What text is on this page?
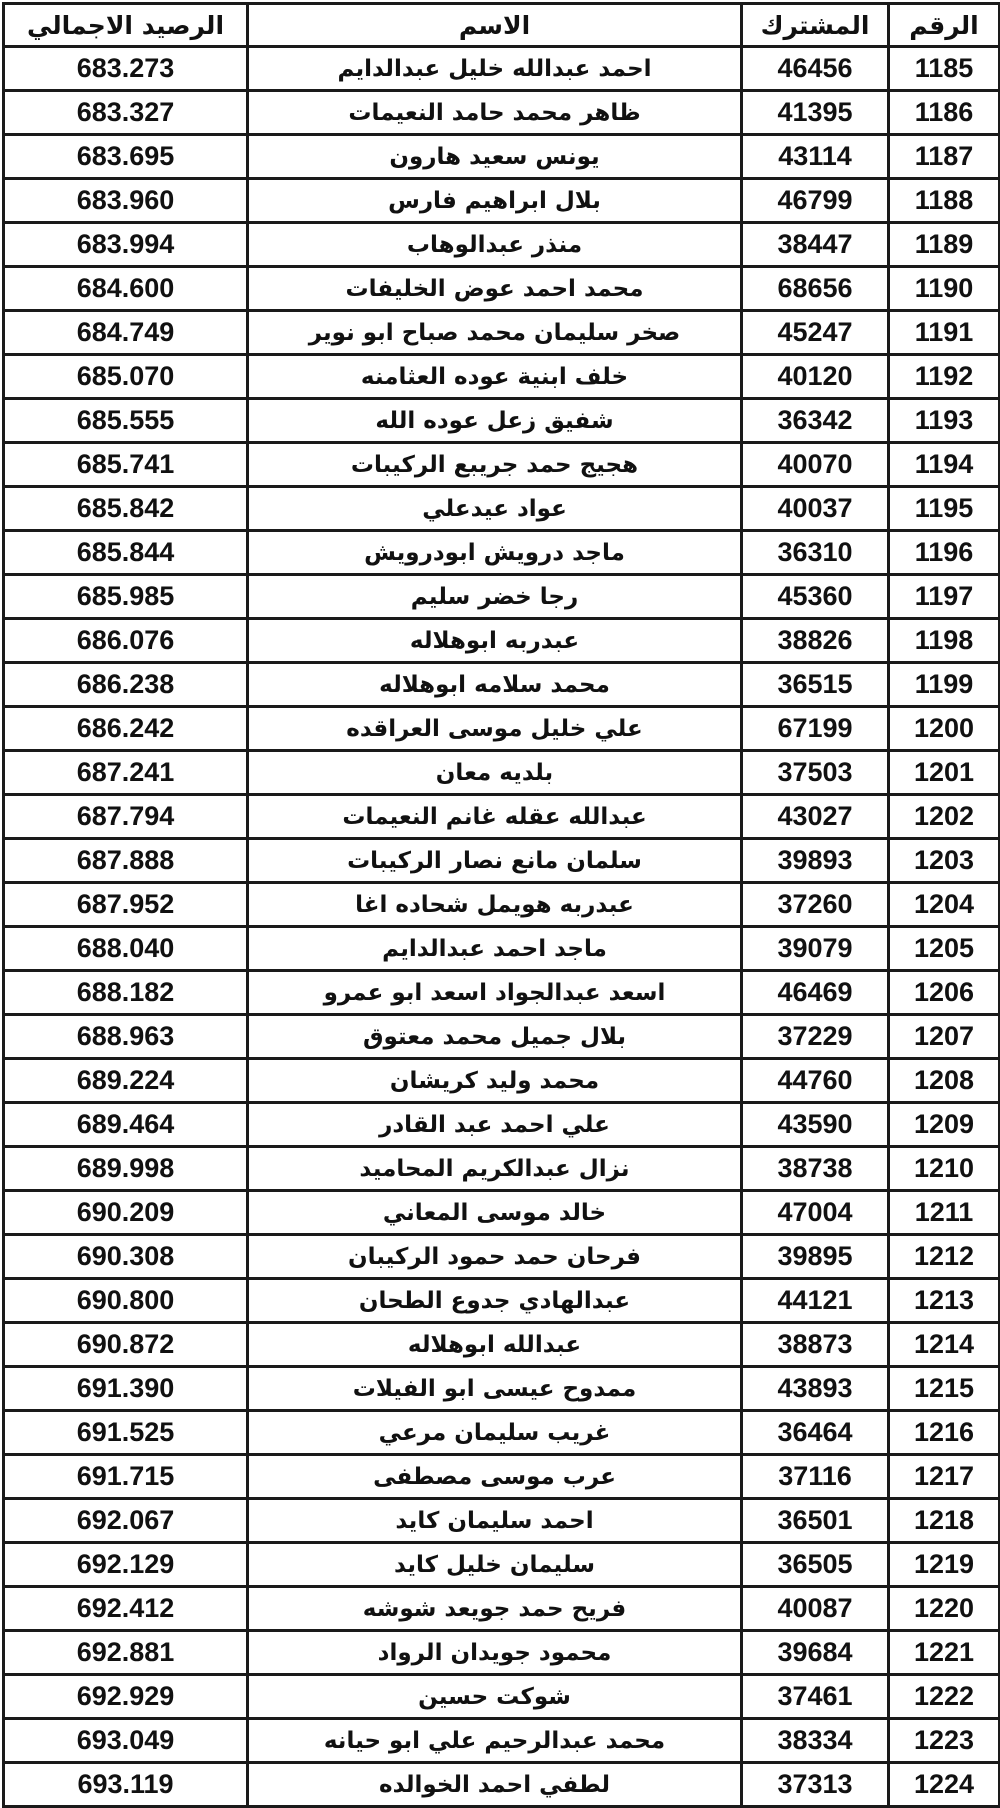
الرقم	المشترك	الاسم	الرصيد الاجمالي
1185	46456	احمد عبدالله خليل عبدالدايم	683.273
1186	41395	ظاهر محمد حامد النعيمات	683.327
1187	43114	يونس سعيد هارون	683.695
1188	46799	بلال ابراهيم فارس	683.960
1189	38447	منذر عبدالوهاب	683.994
1190	68656	محمد احمد عوض الخليفات	684.600
1191	45247	صخر سليمان محمد صباح ابو نوير	684.749
1192	40120	خلف ابنية عوده العثامنه	685.070
1193	36342	شفيق زعل عوده الله	685.555
1194	40070	هجيج حمد جريبع الركيبات	685.741
1195	40037	عواد عيدعلي	685.842
1196	36310	ماجد درويش ابودرويش	685.844
1197	45360	رجا خضر سليم	685.985
1198	38826	عبدربه ابوهلاله	686.076
1199	36515	محمد سلامه ابوهلاله	686.238
1200	67199	علي خليل موسى العراقده	686.242
1201	37503	بلديه معان	687.241
1202	43027	عبدالله عقله غانم النعيمات	687.794
1203	39893	سلمان مانع نصار الركيبات	687.888
1204	37260	عبدربه هويمل شحاده اغا	687.952
1205	39079	ماجد احمد عبدالدايم	688.040
1206	46469	اسعد عبدالجواد اسعد ابو عمرو	688.182
1207	37229	بلال جميل محمد معتوق	688.963
1208	44760	محمد وليد كريشان	689.224
1209	43590	علي احمد عبد القادر	689.464
1210	38738	نزال عبدالكريم المحاميد	689.998
1211	47004	خالد موسى المعاني	690.209
1212	39895	فرحان حمد حمود الركيبان	690.308
1213	44121	عبدالهادي جدوع الطحان	690.800
1214	38873	عبدالله ابوهلاله	690.872
1215	43893	ممدوح عيسى ابو الفيلات	691.390
1216	36464	غريب سليمان مرعي	691.525
1217	37116	عرب موسى مصطفى	691.715
1218	36501	احمد سليمان كايد	692.067
1219	36505	سليمان خليل كايد	692.129
1220	40087	فريح حمد جويعد شوشه	692.412
1221	39684	محمود جويدان الرواد	692.881
1222	37461	شوكت حسين	692.929
1223	38334	محمد عبدالرحيم علي ابو حيانه	693.049
1224	37313	لطفي احمد الخوالده	693.119
